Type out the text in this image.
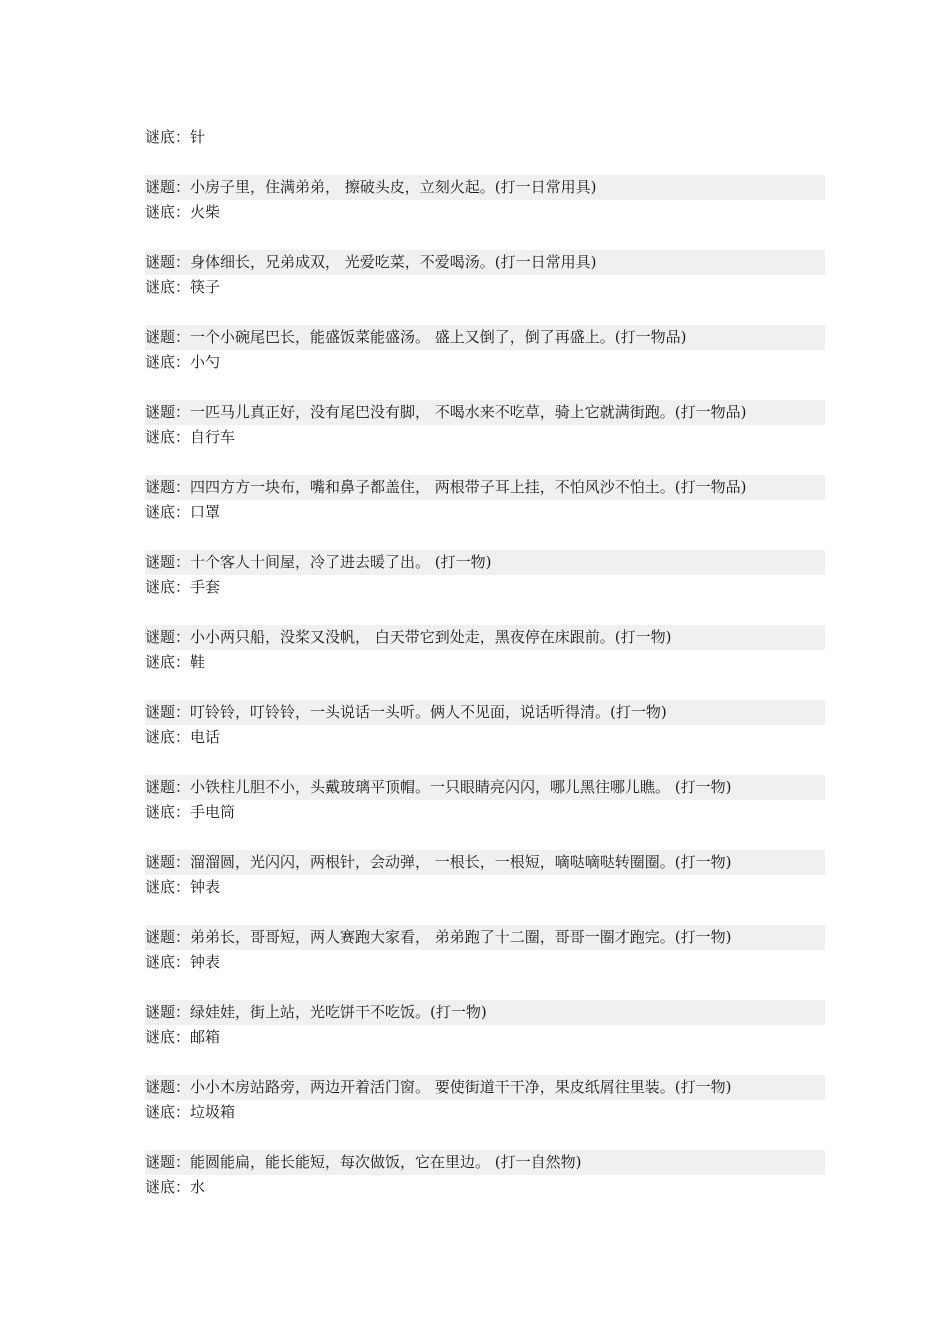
谜底：针
谜题：小房子里，住满弟弟， 擦破头皮，立刻火起。(打一日常用具)
谜底：火柴
谜题：身体细长，兄弟成双， 光爱吃菜，不爱喝汤。(打一日常用具)
谜底：筷子
谜题：一个小碗尾巴长，能盛饭菜能盛汤。 盛上又倒了，倒了再盛上。(打一物品)
谜底：小勺
谜题：一匹马儿真正好，没有尾巴没有脚， 不喝水来不吃草，骑上它就满街跑。(打一物品)
谜底：自行车
谜题：四四方方一块布，嘴和鼻子都盖住， 两根带子耳上挂，不怕风沙不怕土。(打一物品)
谜底：口罩
谜题：十个客人十间屋，冷了进去暖了出。 (打一物)
谜底：手套
谜题：小小两只船，没桨又没帆， 白天带它到处走，黑夜停在床跟前。(打一物)
谜底：鞋
谜题：叮铃铃，叮铃铃，一头说话一头听。俩人不见面，说话听得清。(打一物)
谜底：电话
谜题：小铁柱儿胆不小，头戴玻璃平顶帽。一只眼睛亮闪闪，哪儿黑往哪儿瞧。 (打一物)
谜底：手电筒
谜题：溜溜圆，光闪闪，两根针，会动弹， 一根长，一根短，嘀哒嘀哒转圈圈。(打一物)
谜底：钟表
谜题：弟弟长，哥哥短，两人赛跑大家看， 弟弟跑了十二圈，哥哥一圈才跑完。(打一物)
谜底：钟表
谜题：绿娃娃，街上站，光吃饼干不吃饭。(打一物)
谜底：邮箱
谜题：小小木房站路旁，两边开着活门窗。 要使街道干干净，果皮纸屑往里装。(打一物)
谜底：垃圾箱
谜题：能圆能扁，能长能短，每次做饭，它在里边。 (打一自然物)
谜底：水
